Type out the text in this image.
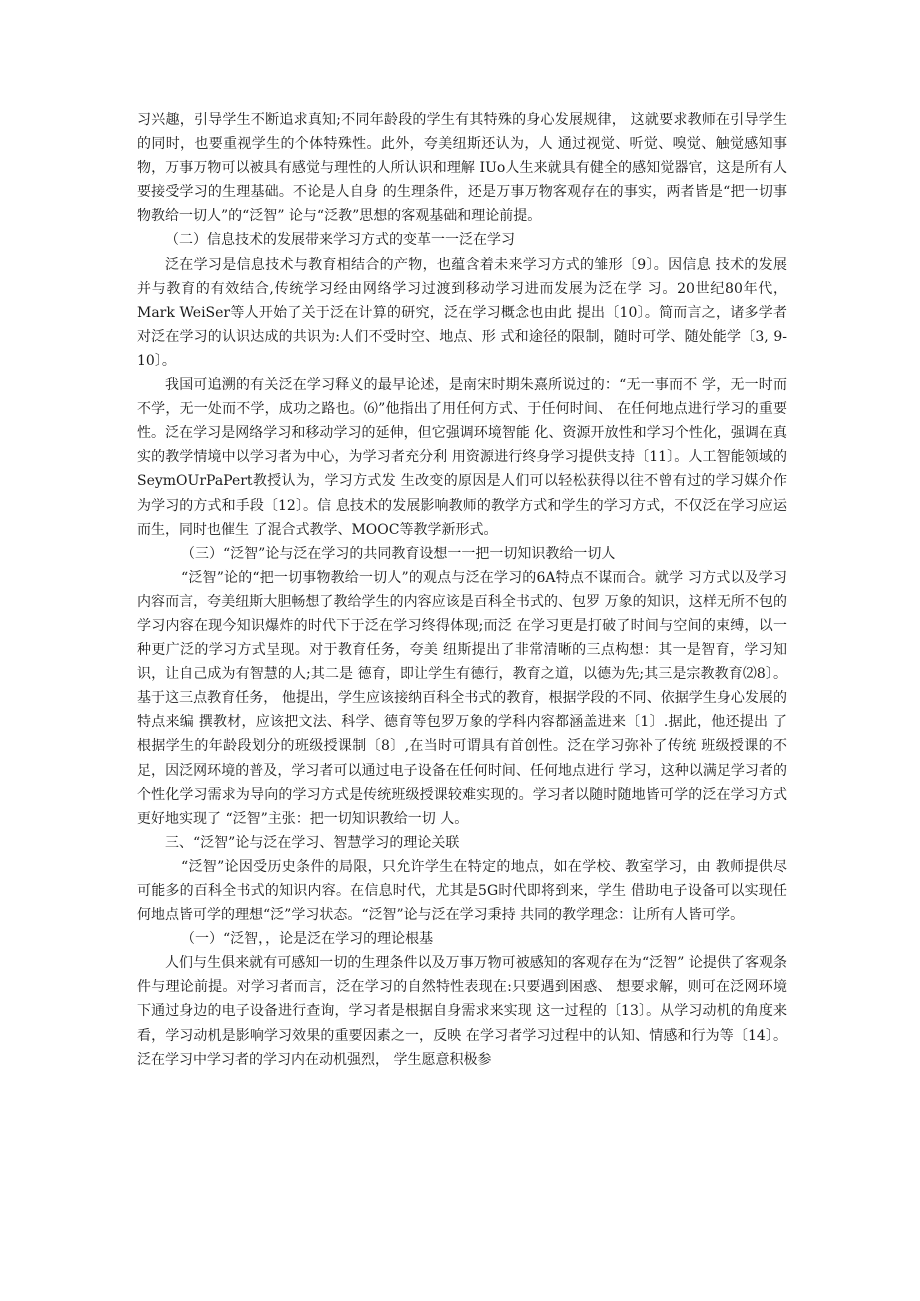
习兴趣，引导学生不断追求真知;不同年龄段的学生有其特殊的身心发展规律， 这就要求教师在引导学生的同时，也要重视学生的个体特殊性。此外，夸美纽斯还认为，人 通过视觉、听觉、嗅觉、触觉感知事物，万事万物可以被具有感觉与理性的人所认识和理解 IUo人生来就具有健全的感知觉器官，这是所有人要接受学习的生理基础。不论是人自身 的生理条件，还是万事万物客观存在的事实，两者皆是“把一切事物教给一切人”的“泛智” 论与“泛教”思想的客观基础和理论前提。

（二）信息技术的发展带来学习方式的变革一一泛在学习

泛在学习是信息技术与教育相结合的产物，也蕴含着未来学习方式的雏形〔9〕。因信息 技术的发展并与教育的有效结合,传统学习经由网络学习过渡到移动学习进而发展为泛在学 习。20世纪80年代，Mark WeiSer等人开始了关于泛在计算的研究，泛在学习概念也由此 提出〔10〕。简而言之，诸多学者对泛在学习的认识达成的共识为:人们不受时空、地点、形 式和途径的限制，随时可学、随处能学〔3, 9-10〕。

我国可追溯的有关泛在学习释义的最早论述，是南宋时期朱熹所说过的：“无一事而不 学，无一时而不学，无一处而不学，成功之路也。⑹”他指出了用任何方式、于任何时间、 在任何地点进行学习的重要性。泛在学习是网络学习和移动学习的延伸，但它强调环境智能 化、资源开放性和学习个性化，强调在真实的教学情境中以学习者为中心，为学习者充分利 用资源进行终身学习提供支持〔11〕。人工智能领域的SeymOUrPaPert教授认为，学习方式发 生改变的原因是人们可以轻松获得以往不曾有过的学习媒介作为学习的方式和手段〔12〕。信 息技术的发展影响教师的教学方式和学生的学习方式，不仅泛在学习应运而生，同时也催生 了混合式教学、MOOC等教学新形式。

（三）“泛智”论与泛在学习的共同教育设想一一把一切知识教给一切人

“泛智”论的“把一切事物教给一切人”的观点与泛在学习的6A特点不谋而合。就学 习方式以及学习内容而言，夸美纽斯大胆畅想了教给学生的内容应该是百科全书式的、包罗 万象的知识，这样无所不包的学习内容在现今知识爆炸的时代下于泛在学习终得体现;而泛 在学习更是打破了时间与空间的束缚，以一种更广泛的学习方式呈现。对于教育任务，夸美 纽斯提出了非常清晰的三点构想：其一是智育，学习知识，让自己成为有智慧的人;其二是 德育，即让学生有德行，教育之道，以德为先;其三是宗教教育⑵8〕。基于这三点教育任务， 他提出，学生应该接纳百科全书式的教育，根据学段的不同、依据学生身心发展的特点来编 撰教材，应该把文法、科学、德育等包罗万象的学科内容都涵盖进来〔1〕.据此，他还提出 了根据学生的年龄段划分的班级授课制〔8〕,在当时可谓具有首创性。泛在学习弥补了传统 班级授课的不足，因泛网环境的普及，学习者可以通过电子设备在任何时间、任何地点进行 学习，这种以满足学习者的个性化学习需求为导向的学习方式是传统班级授课较难实现的。学习者以随时随地皆可学的泛在学习方式更好地实现了 “泛智”主张：把一切知识教给一切 人。

三、“泛智”论与泛在学习、智慧学习的理论关联

“泛智”论因受历史条件的局限，只允许学生在特定的地点，如在学校、教室学习，由 教师提供尽可能多的百科全书式的知识内容。在信息时代，尤其是5G时代即将到来，学生 借助电子设备可以实现任何地点皆可学的理想“泛”学习状态。“泛智”论与泛在学习秉持 共同的教学理念：让所有人皆可学。

（一）“泛智，，论是泛在学习的理论根基

人们与生俱来就有可感知一切的生理条件以及万事万物可被感知的客观存在为“泛智” 论提供了客观条件与理论前提。对学习者而言，泛在学习的自然特性表现在:只要遇到困惑、 想要求解，则可在泛网环境下通过身边的电子设备进行查询，学习者是根据自身需求来实现 这一过程的〔13〕。从学习动机的角度来看，学习动机是影响学习效果的重要因素之一，反映 在学习者学习过程中的认知、情感和行为等〔14〕。泛在学习中学习者的学习内在动机强烈， 学生愿意积极参
